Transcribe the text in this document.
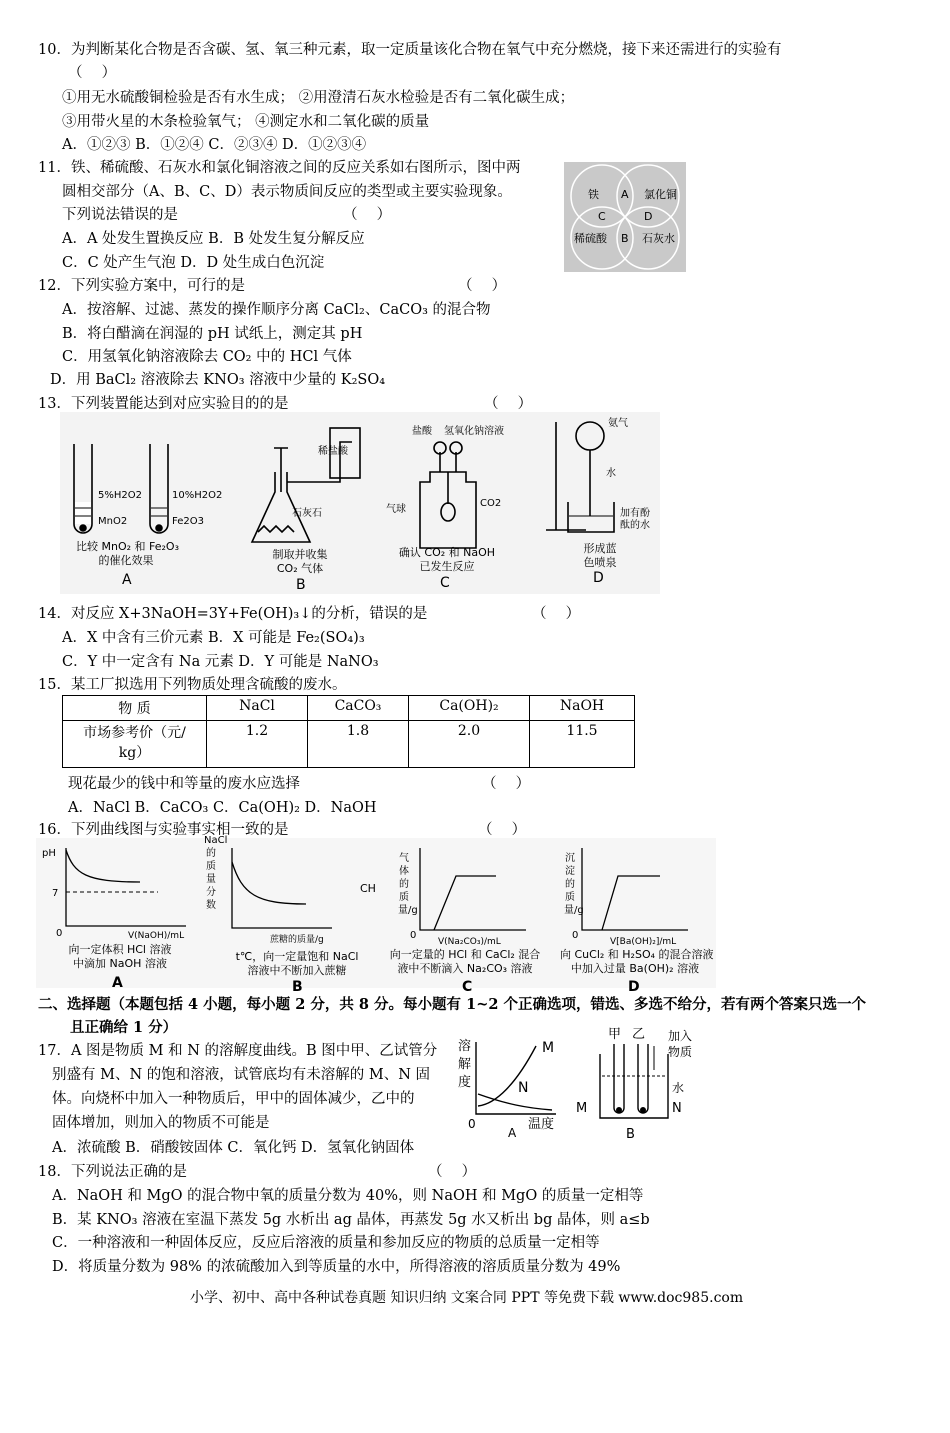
10．为判断某化合物是否含碳、氢、氧三种元素，取一定质量该化合物在氧气中充分燃烧，接下来还需进行的实验有
（　 ）
①用无水硫酸铜检验是否有水生成； ②用澄清石灰水检验是否有二氧化碳生成；
③用带火星的木条检验氧气； ④测定水和二氧化碳的质量
A．①②③ B．①②④ C．②③④ D．①②③④
11．铁、稀硫酸、石灰水和氯化铜溶液之间的反应关系如右图所示，图中两
圆相交部分（A、B、C、D）表示物质间反应的类型或主要实验现象。
下列说法错误的是	（　 ）
A．A 处发生置换反应 B．B 处发生复分解反应
C．C 处产生气泡 D．D 处生成白色沉淀
铁	氯化铜
稀硫酸	石灰水
A
B
C	D
12．下列实验方案中，可行的是	（　 ）
A．按溶解、过滤、蒸发的操作顺序分离 CaCl₂、CaCO₃ 的混合物
B．将白醋滴在润湿的 pH 试纸上，测定其 pH
C．用氢氧化钠溶液除去 CO₂ 中的 HCl 气体
D．用 BaCl₂ 溶液除去 KNO₃ 溶液中少量的 K₂SO₄
13．下列装置能达到对应实验目的的是	（　 ）
5%H2O2	10%H2O2
MnO2	Fe2O3
稀盐酸
石灰石
盐酸 氢氧化钠溶液
气球
CO2
氨气
水
加有酚
酞的水
比较 MnO₂ 和 Fe₂O₃
的催化效果
A
制取并收集
CO₂ 气体
B
确认 CO₂ 和 NaOH
已发生反应
C
形成蓝
色喷泉
D
14．对反应 X+3NaOH=3Y+Fe(OH)₃↓的分析，错误的是	（　 ）
A．X 中含有三价元素 B．X 可能是 Fe₂(SO₄)₃
C．Y 中一定含有 Na 元素 D．Y 可能是 NaNO₃
15．某工厂拟选用下列物质处理含硫酸的废水。
物 质	NaCl	CaCO₃	Ca(OH)₂	NaOH
市场参考价（元/
kg）	1.2	1.8	2.0	11.5
现花最少的钱中和等量的废水应选择	（　 ）
A．NaCl B．CaCO₃ C．Ca(OH)₂ D．NaOH
16．下列曲线图与实验事实相一致的是	（　 ）
pH
7
0	V(NaOH)/mL	蔗糖的质量/g
CH
0
V(Na₂CO₃)/mL
0
V[Ba(OH)₂]/mL
NaCl 的质量分数
气体的质量/g
沉淀的质量/g
向一定体积 HCl 溶液
中滴加 NaOH 溶液
A
t℃，向一定量饱和 NaCl
溶液中不断加入蔗糖
B
向一定量的 HCl 和 CaCl₂ 混合
液中不断滴入 Na₂CO₃ 溶液
C
向 CuCl₂ 和 H₂SO₄ 的混合溶液
中加入过量 Ba(OH)₂ 溶液
D
二、选择题（本题包括 4 小题，每小题 2 分，共 8 分。每小题有 1~2 个正确选项，错选、多选不给分，若有两个答案只选一个
且正确给 1 分）
17．A 图是物质 M 和 N 的溶解度曲线。B 图中甲、乙试管分
别盛有 M、N 的饱和溶液，试管底均有未溶解的 M、N 固
体。向烧杯中加入一种物质后，甲中的固体减少，乙中的
固体增加，则加入的物质不可能是
A．浓硫酸 B．硝酸铵固体 C．氧化钙 D．氢氧化钠固体
溶
解
度
M
N
0	温度
A
甲 乙 加入
物质
水
M	N
B
18．下列说法正确的是	（　 ）
A．NaOH 和 MgO 的混合物中氧的质量分数为 40%，则 NaOH 和 MgO 的质量一定相等
B．某 KNO₃ 溶液在室温下蒸发 5g 水析出 ag 晶体，再蒸发 5g 水又析出 bg 晶体，则 a≤b
C．一种溶液和一种固体反应，反应后溶液的质量和参加反应的物质的总质量一定相等
D．将质量分数为 98% 的浓硫酸加入到等质量的水中，所得溶液的溶质质量分数为 49%
小学、初中、高中各种试卷真题 知识归纳 文案合同 PPT 等免费下载 www.doc985.com
